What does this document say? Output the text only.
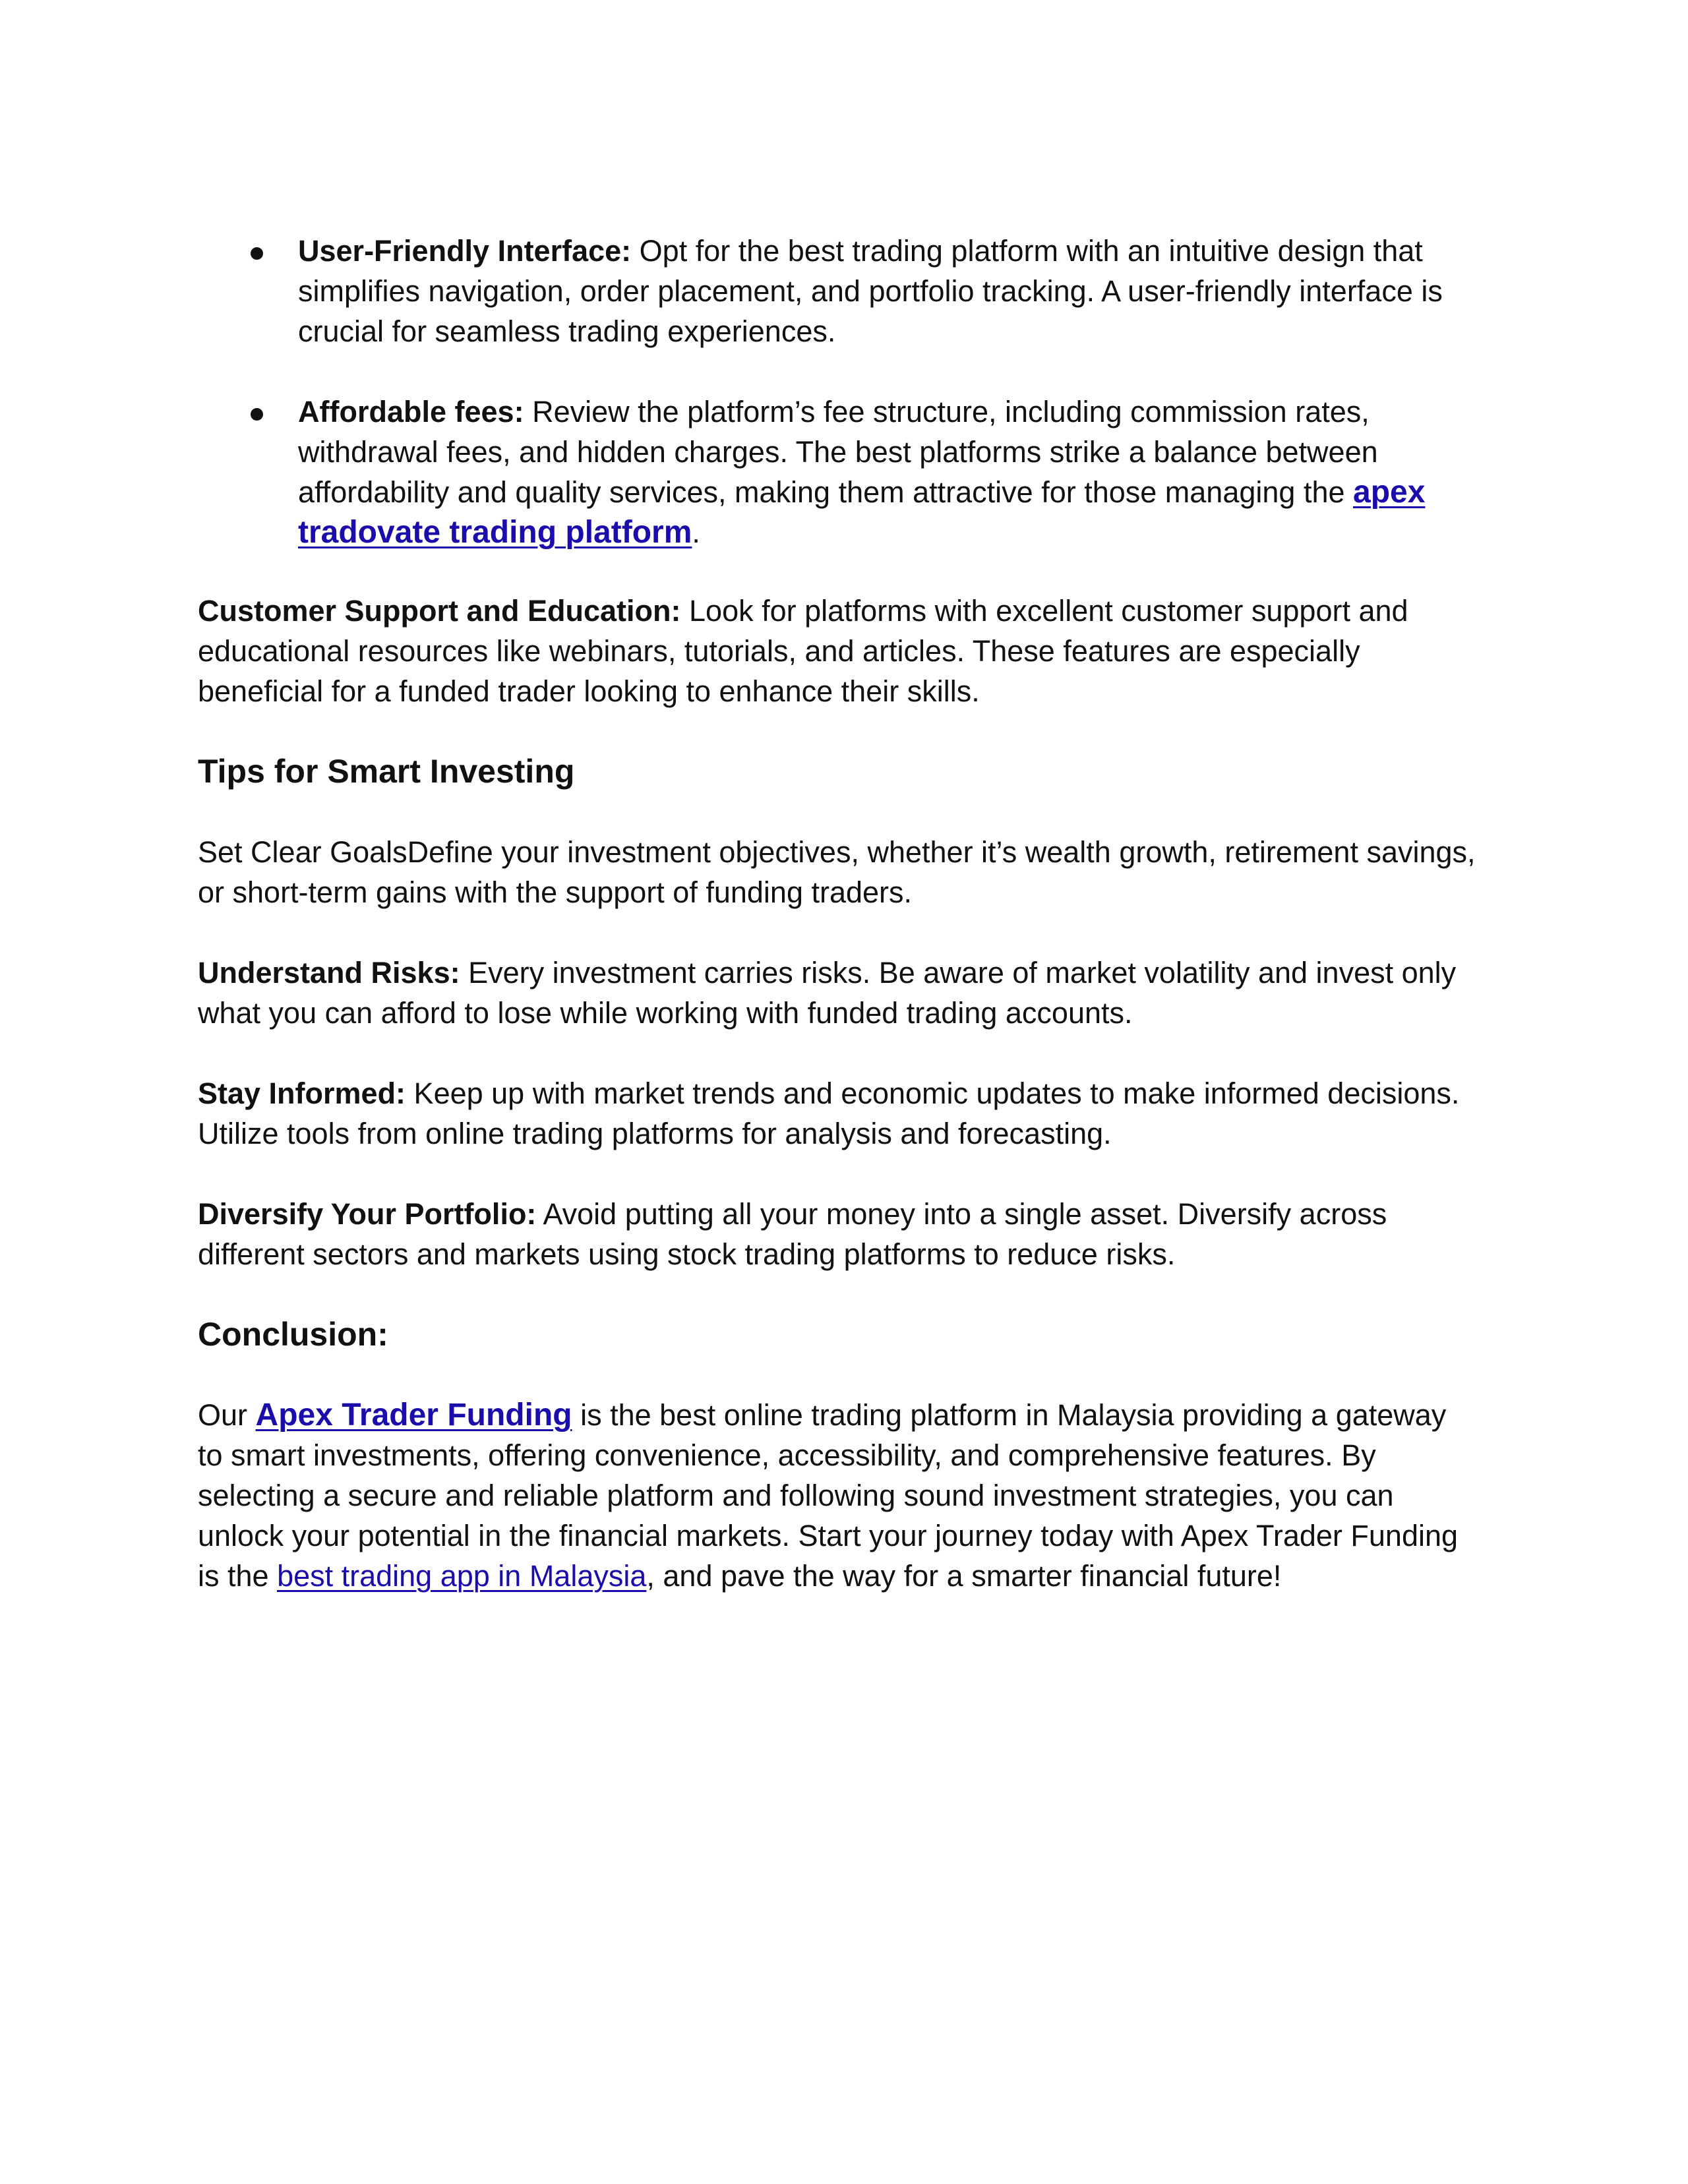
User-Friendly Interface: Opt for the best trading platform with an intuitive design that simplifies navigation, order placement, and portfolio tracking. A user-friendly interface is crucial for seamless trading experiences.
Affordable fees: Review the platform’s fee structure, including commission rates, withdrawal fees, and hidden charges. The best platforms strike a balance between affordability and quality services, making them attractive for those managing the apex tradovate trading platform.

Customer Support and Education: Look for platforms with excellent customer support and educational resources like webinars, tutorials, and articles. These features are especially beneficial for a funded trader looking to enhance their skills.

Tips for Smart Investing

Set Clear GoalsDefine your investment objectives, whether it’s wealth growth, retirement savings, or short-term gains with the support of funding traders.

Understand Risks: Every investment carries risks. Be aware of market volatility and invest only what you can afford to lose while working with funded trading accounts.

Stay Informed: Keep up with market trends and economic updates to make informed decisions. Utilize tools from online trading platforms for analysis and forecasting.

Diversify Your Portfolio: Avoid putting all your money into a single asset. Diversify across different sectors and markets using stock trading platforms to reduce risks.

Conclusion:

Our Apex Trader Funding is the best online trading platform in Malaysia providing a gateway to smart investments, offering convenience, accessibility, and comprehensive features. By selecting a secure and reliable platform and following sound investment strategies, you can unlock your potential in the financial markets. Start your journey today with Apex Trader Funding is the best trading app in Malaysia, and pave the way for a smarter financial future!
